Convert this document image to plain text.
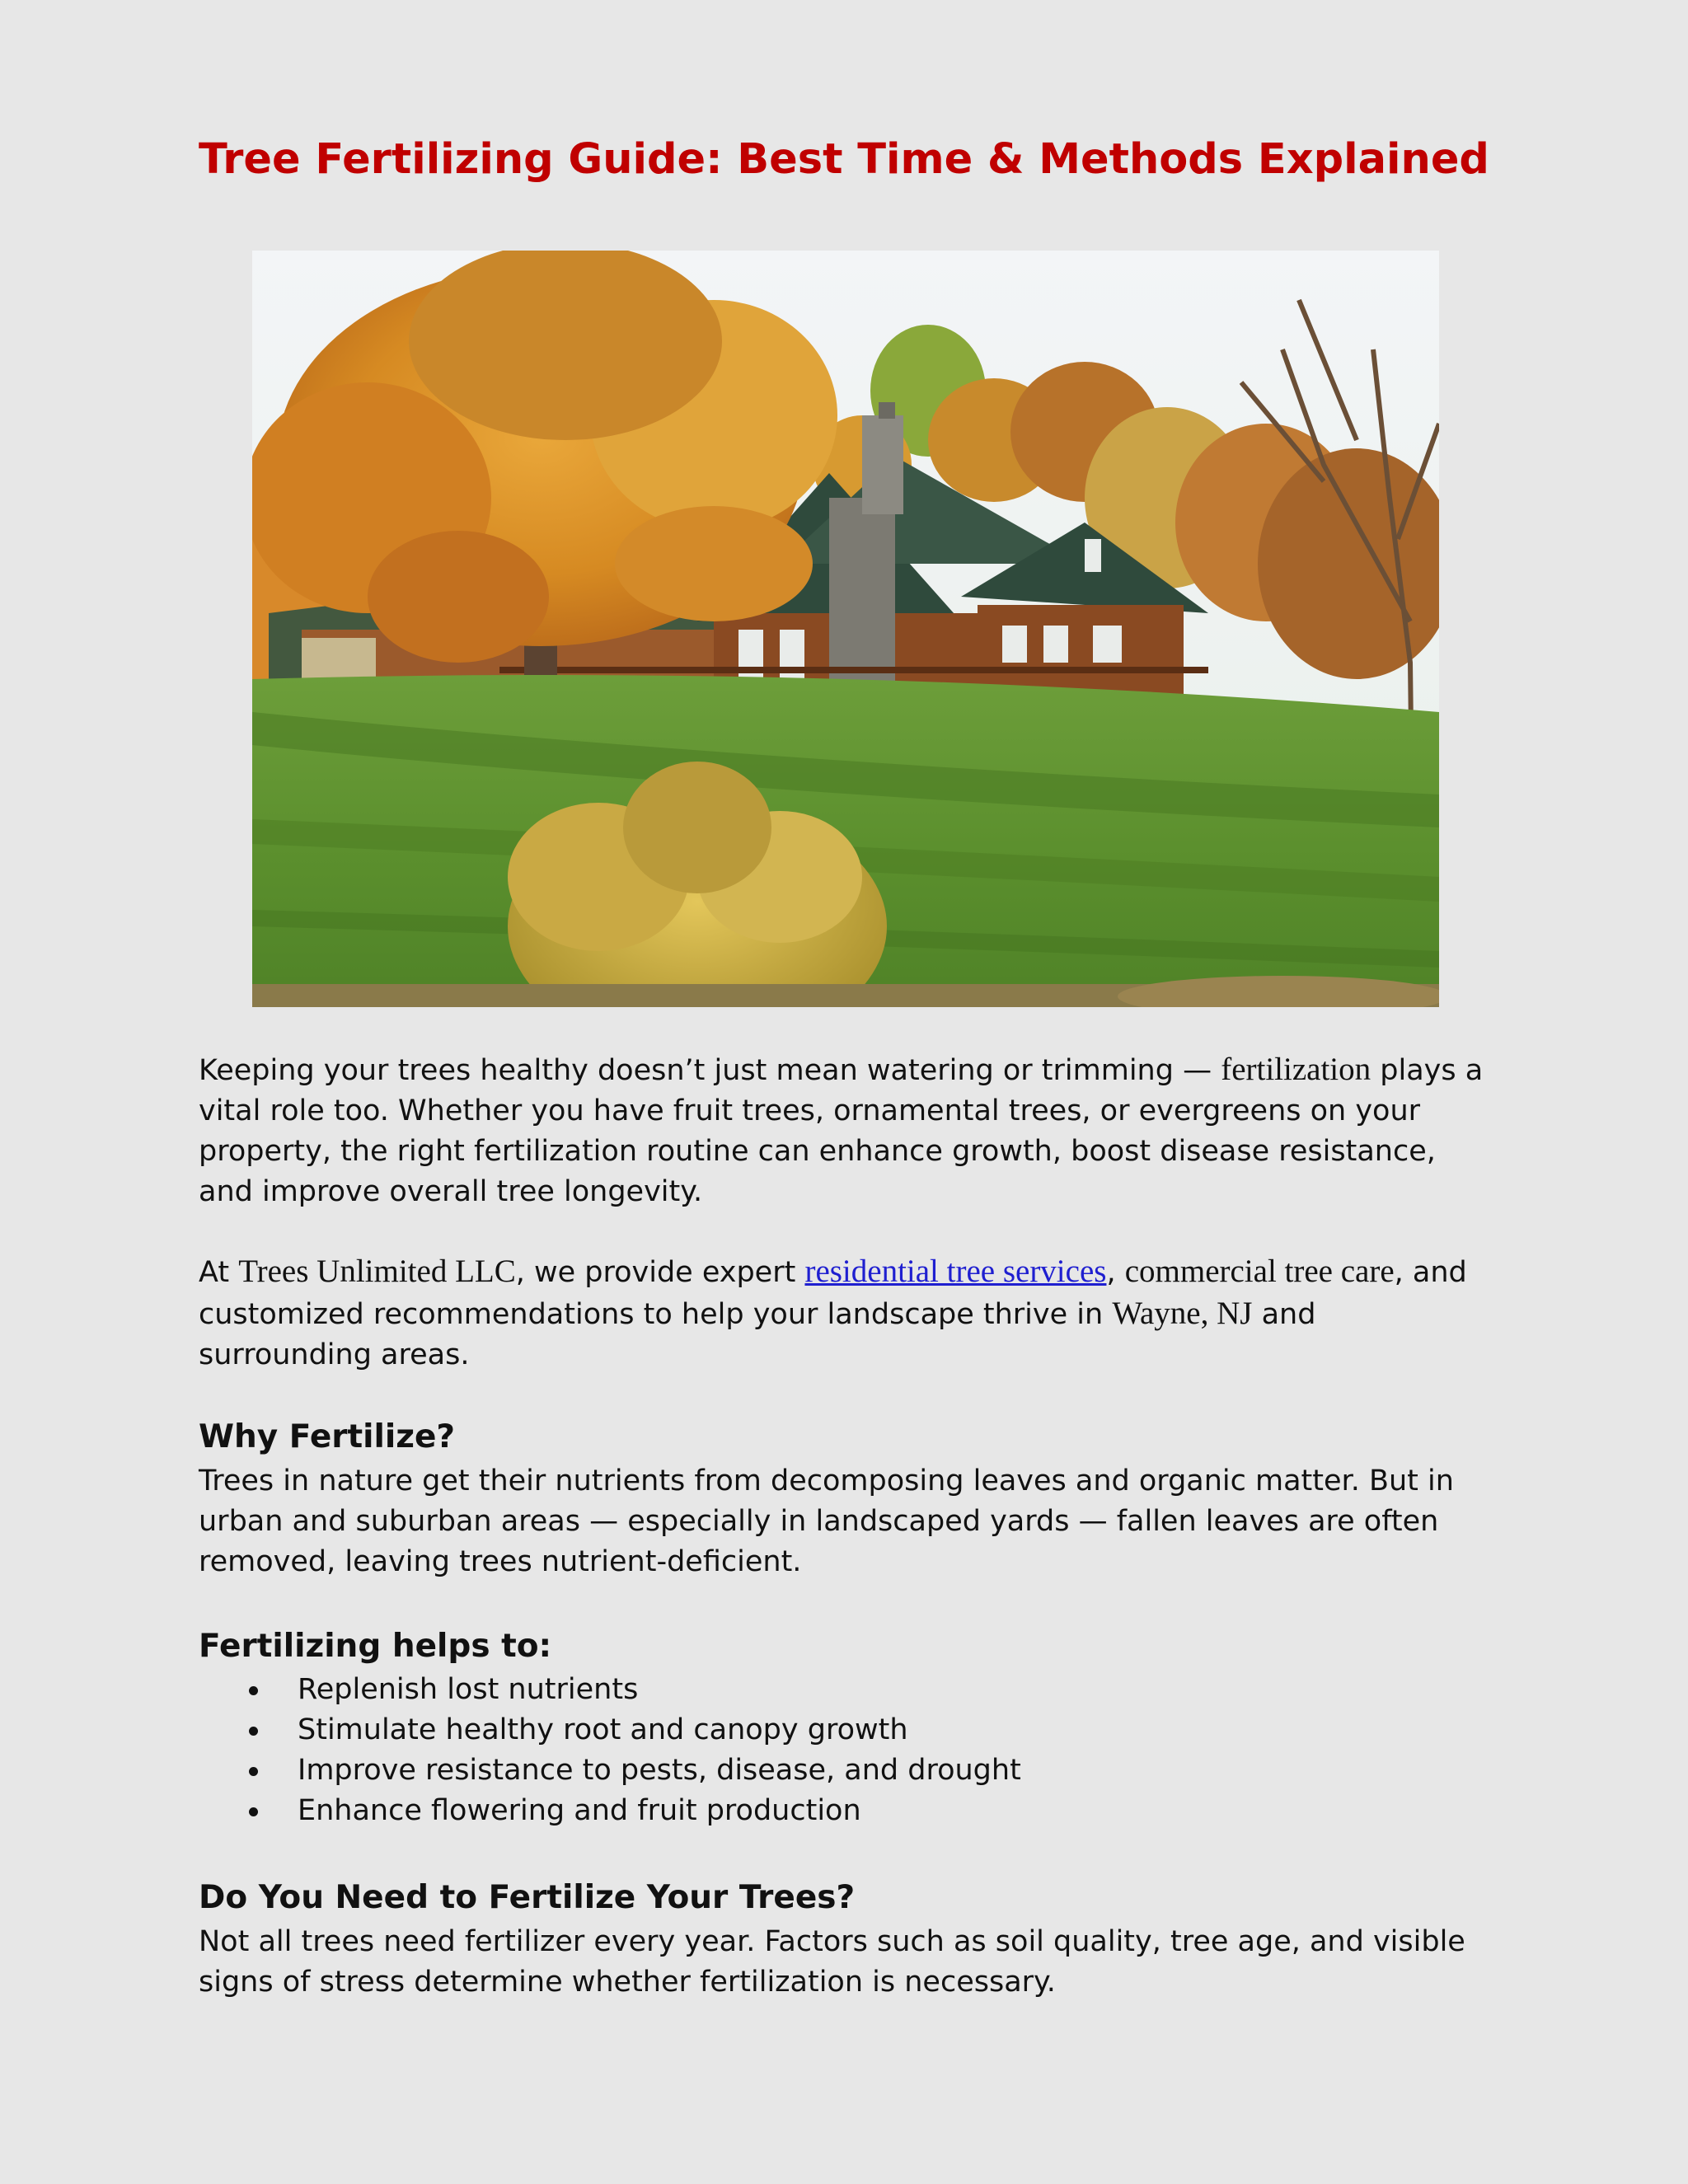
Tree Fertilizing Guide: Best Time & Methods Explained

Keeping your trees healthy doesn’t just mean watering or trimming — fertilization plays a vital role too. Whether you have fruit trees, ornamental trees, or evergreens on your property, the right fertilization routine can enhance growth, boost disease resistance, and improve overall tree longevity.

At Trees Unlimited LLC, we provide expert residential tree services, commercial tree care, and customized recommendations to help your landscape thrive in Wayne, NJ and surrounding areas.

Why Fertilize?

Trees in nature get their nutrients from decomposing leaves and organic matter. But in urban and suburban areas — especially in landscaped yards — fallen leaves are often removed, leaving trees nutrient-deficient.

Fertilizing helps to:
Replenish lost nutrients
Stimulate healthy root and canopy growth
Improve resistance to pests, disease, and drought
Enhance flowering and fruit production
Do You Need to Fertilize Your Trees?

Not all trees need fertilizer every year. Factors such as soil quality, tree age, and visible signs of stress determine whether fertilization is necessary.
